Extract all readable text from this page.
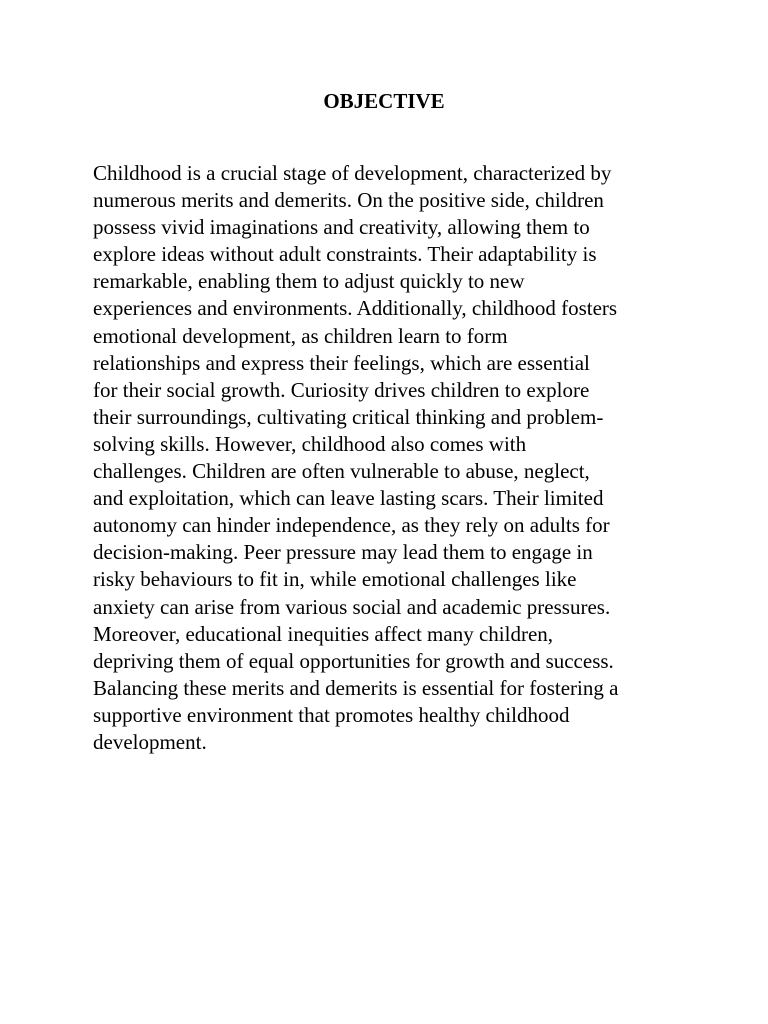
OBJECTIVE

Childhood is a crucial stage of development, characterized by
numerous merits and demerits. On the positive side, children
possess vivid imaginations and creativity, allowing them to
explore ideas without adult constraints. Their adaptability is
remarkable, enabling them to adjust quickly to new
experiences and environments. Additionally, childhood fosters
emotional development, as children learn to form
relationships and express their feelings, which are essential
for their social growth. Curiosity drives children to explore
their surroundings, cultivating critical thinking and problem-
solving skills. However, childhood also comes with
challenges. Children are often vulnerable to abuse, neglect,
and exploitation, which can leave lasting scars. Their limited
autonomy can hinder independence, as they rely on adults for
decision-making. Peer pressure may lead them to engage in
risky behaviours to fit in, while emotional challenges like
anxiety can arise from various social and academic pressures.
Moreover, educational inequities affect many children,
depriving them of equal opportunities for growth and success.
Balancing these merits and demerits is essential for fostering a
supportive environment that promotes healthy childhood
development.
